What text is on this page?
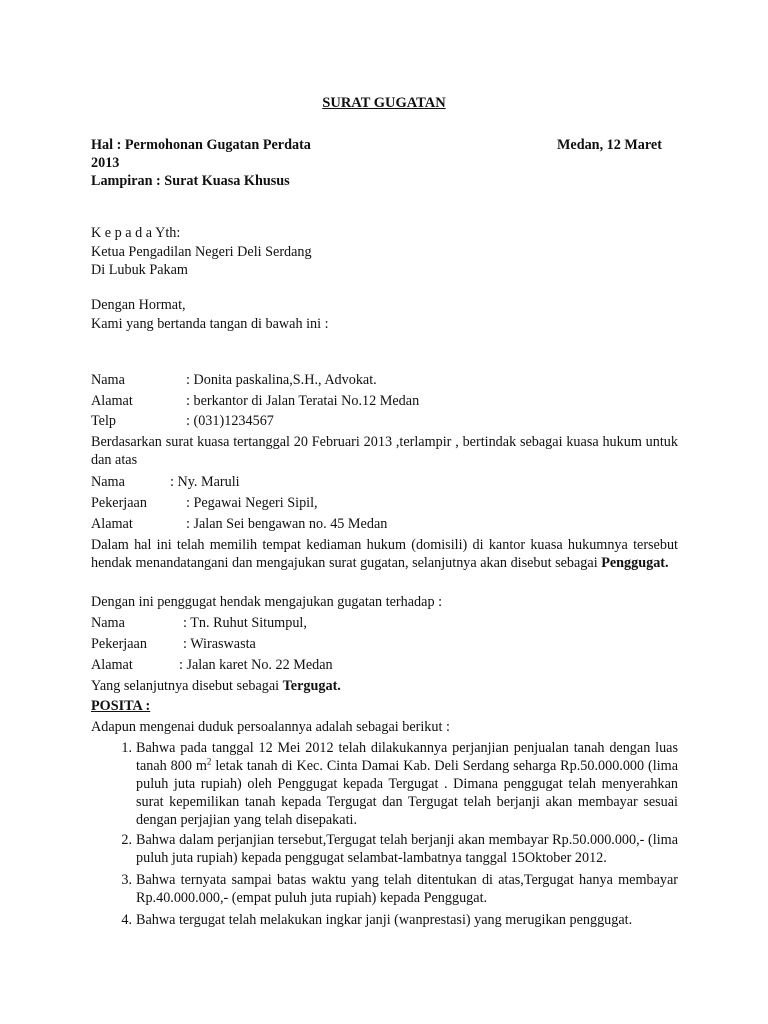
SURAT GUGATAN
Hal : Permohonan Gugatan Perdata	Medan, 12 Maret
2013
Lampiran : Surat Kuasa Khusus
K e p a d a Yth:
Ketua Pengadilan Negeri Deli Serdang
Di Lubuk Pakam
Dengan Hormat,
Kami yang bertanda tangan di bawah ini :
Nama	: Donita paskalina,S.H., Advokat.
Alamat	: berkantor di Jalan Teratai No.12 Medan
Telp	: (031)1234567
Berdasarkan surat kuasa tertanggal 20 Februari 2013 ,terlampir , bertindak sebagai kuasa hukum untuk dan atas
Nama	: Ny. Maruli
Pekerjaan	: Pegawai Negeri Sipil,
Alamat	: Jalan Sei bengawan no. 45 Medan
Dalam hal ini telah memilih tempat kediaman hukum (domisili) di kantor kuasa hukumnya tersebut hendak menandatangani dan mengajukan surat gugatan, selanjutnya akan disebut sebagai Penggugat.
Dengan ini penggugat hendak mengajukan gugatan terhadap :
Nama	: Tn. Ruhut Situmpul,
Pekerjaan	: Wiraswasta
Alamat	: Jalan karet No. 22 Medan
Yang selanjutnya disebut sebagai Tergugat.
POSITA :
Adapun mengenai duduk persoalannya adalah sebagai berikut :
1. Bahwa pada tanggal 12 Mei 2012 telah dilakukannya perjanjian penjualan tanah dengan luas tanah 800 $m^2$ letak tanah di Kec. Cinta Damai Kab. Deli Serdang seharga Rp.50.000.000 (lima puluh juta rupiah) oleh Penggugat kepada Tergugat . Dimana penggugat telah menyerahkan surat kepemilikan tanah kepada Tergugat dan Tergugat telah berjanji akan membayar sesuai dengan perjajian yang telah disepakati.
2. Bahwa dalam perjanjian tersebut,Tergugat telah berjanji akan membayar Rp.50.000.000,- (lima puluh juta rupiah) kepada penggugat selambat-lambatnya tanggal 15Oktober 2012.
3. Bahwa ternyata sampai batas waktu yang telah ditentukan di atas,Tergugat hanya membayar Rp.40.000.000,- (empat puluh juta rupiah) kepada Penggugat.
4. Bahwa tergugat telah melakukan ingkar janji (wanprestasi) yang merugikan penggugat.
